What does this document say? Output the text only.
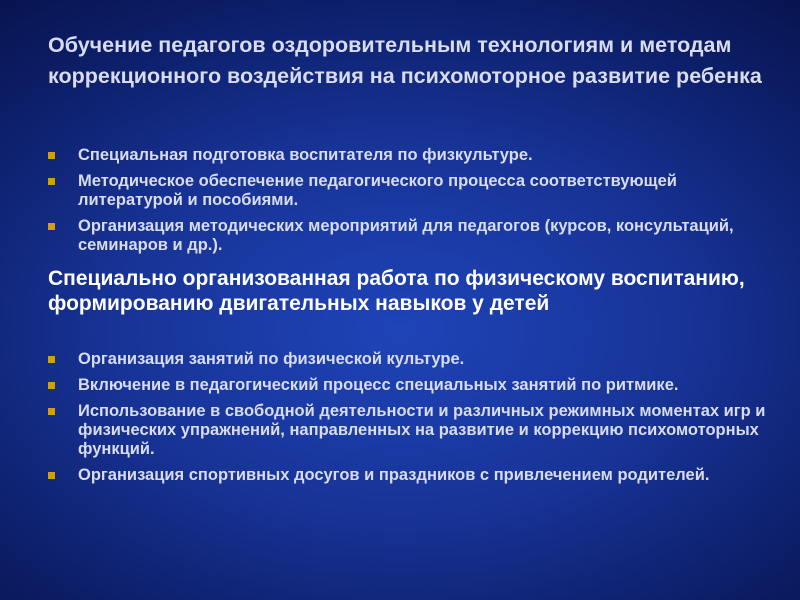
Обучение педагогов оздоровительным технологиям и методам коррекционного воздействия на психомоторное развитие ребенка
Специальная подготовка воспитателя по физкультуре.
Методическое обеспечение педагогического процесса соответствующей литературой и пособиями.
Организация методических мероприятий для педагогов (курсов, консультаций, семинаров и др.).
Специально организованная работа по физическому воспитанию, формированию двигательных навыков у детей
Организация занятий по физической культуре.
Включение в педагогический процесс специальных занятий по ритмике.
Использование в свободной деятельности и различных режимных моментах игр и физических упражнений, направленных на развитие и коррекцию психомоторных функций.
Организация спортивных досугов и праздников с привлечением родителей.
